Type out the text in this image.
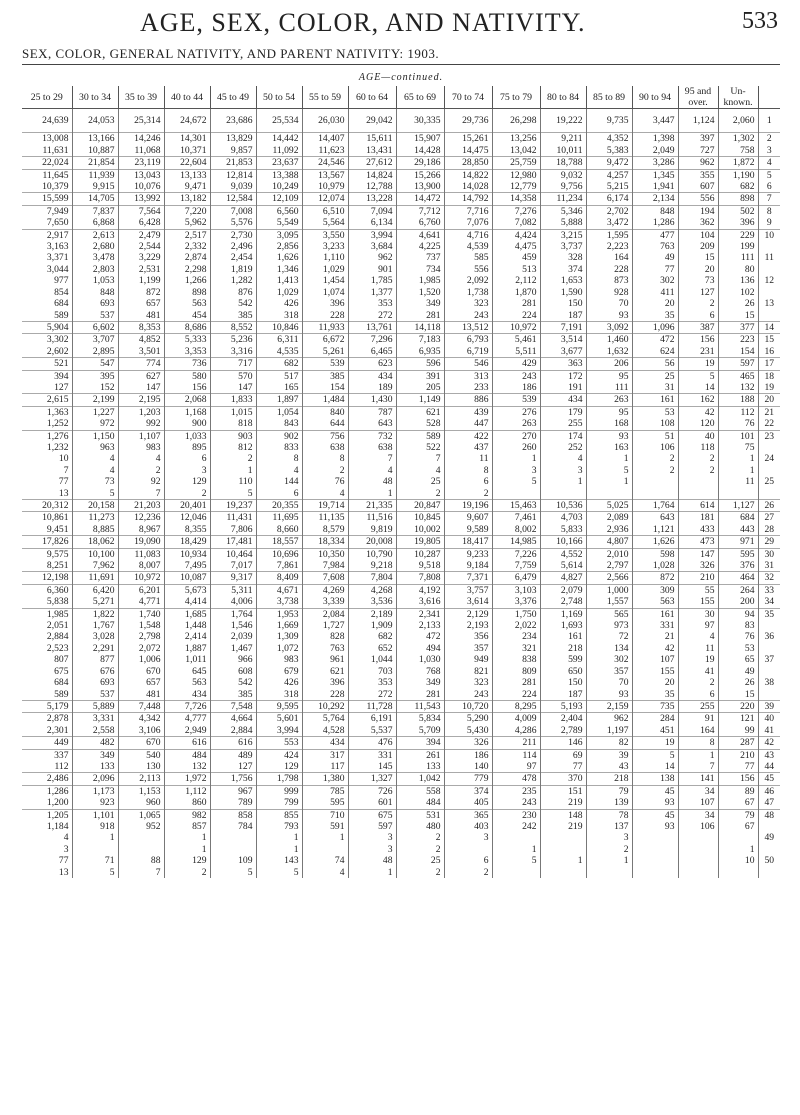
AGE, SEX, COLOR, AND NATIVITY.	533
SEX, COLOR, GENERAL NATIVITY, AND PARENT NATIVITY: 1903.
AGE—continued.
25 to 29	30 to 34	35 to 39	40 to 44	45 to 49	50 to 54	55 to 59	60 to 64	65 to 69	70 to 74	75 to 79	80 to 84	85 to 89	90 to 94	95 and over.	Un-known.	

24,639	24,053	25,314	24,672	23,686	25,534	26,030	29,042	30,335	29,736	26,298	19,222	9,735	3,447	1,124	2,060	1

13,008	13,166	14,246	14,301	13,829	14,442	14,407	15,611	15,907	15,261	13,256	9,211	4,352	1,398	397	1,302	2
11,631	10,887	11,068	10,371	9,857	11,092	11,623	13,431	14,428	14,475	13,042	10,011	5,383	2,049	727	758	3
22,024	21,854	23,119	22,604	21,853	23,637	24,546	27,612	29,186	28,850	25,759	18,788	9,472	3,286	962	1,872	4
11,645	11,939	13,043	13,133	12,814	13,388	13,567	14,824	15,266	14,822	12,980	9,032	4,257	1,345	355	1,190	5
10,379	9,915	10,076	9,471	9,039	10,249	10,979	12,788	13,900	14,028	12,779	9,756	5,215	1,941	607	682	6
15,599	14,705	13,992	13,182	12,584	12,109	12,074	13,228	14,472	14,792	14,358	11,234	6,174	2,134	556	898	7
7,949	7,837	7,564	7,220	7,008	6,560	6,510	7,094	7,712	7,716	7,276	5,346	2,702	848	194	502	8
7,650	6,868	6,428	5,962	5,576	5,549	5,564	6,134	6,760	7,076	7,082	5,888	3,472	1,286	362	396	9
2,917	2,613	2,479	2,517	2,730	3,095	3,550	3,994	4,641	4,716	4,424	3,215	1,595	477	104	229	10
3,163	2,680	2,544	2,332	2,496	2,856	3,233	3,684	4,225	4,539	4,475	3,737	2,223	763	209	199	
3,371	3,478	3,229	2,874	2,454	1,626	1,110	962	737	585	459	328	164	49	15	111	11
3,044	2,803	2,531	2,298	1,819	1,346	1,029	901	734	556	513	374	228	77	20	80	
977	1,053	1,199	1,266	1,282	1,413	1,454	1,785	1,985	2,092	2,112	1,653	873	302	73	136	12
854	848	872	898	876	1,029	1,074	1,377	1,520	1,738	1,870	1,590	928	411	127	102	
684	693	657	563	542	426	396	353	349	323	281	150	70	20	2	26	13
589	537	481	454	385	318	228	272	281	243	224	187	93	35	6	15	
5,904	6,602	8,353	8,686	8,552	10,846	11,933	13,761	14,118	13,512	10,972	7,191	3,092	1,096	387	377	14
3,302	3,707	4,852	5,333	5,236	6,311	6,672	7,296	7,183	6,793	5,461	3,514	1,460	472	156	223	15
2,602	2,895	3,501	3,353	3,316	4,535	5,261	6,465	6,935	6,719	5,511	3,677	1,632	624	231	154	16
521	547	774	736	717	682	539	623	596	546	429	363	206	56	19	597	17
394	395	627	580	570	517	385	434	391	313	243	172	95	25	5	465	18
127	152	147	156	147	165	154	189	205	233	186	191	111	31	14	132	19
2,615	2,199	2,195	2,068	1,833	1,897	1,484	1,430	1,149	886	539	434	263	161	162	188	20
1,363	1,227	1,203	1,168	1,015	1,054	840	787	621	439	276	179	95	53	42	112	21
1,252	972	992	900	818	843	644	643	528	447	263	255	168	108	120	76	22
1,276	1,150	1,107	1,033	903	902	756	732	589	422	270	174	93	51	40	101	23
1,232	963	983	895	812	833	638	638	522	437	260	252	163	106	118	75	
10	4	4	6	2	8	8	7	7	11	1	4	1	2	2	1	24
7	4	2	3	1	4	2	4	4	8	3	3	5	2	2	1	
77	73	92	129	110	144	76	48	25	6	5	1	1			11	25
13	5	7	2	5	6	4	1	2	2							
20,312	20,158	21,203	20,401	19,237	20,355	19,714	21,335	20,847	19,196	15,463	10,536	5,025	1,764	614	1,127	26
10,861	11,273	12,236	12,046	11,431	11,695	11,135	11,516	10,845	9,607	7,461	4,703	2,089	643	181	684	27
9,451	8,885	8,967	8,355	7,806	8,660	8,579	9,819	10,002	9,589	8,002	5,833	2,936	1,121	433	443	28
17,826	18,062	19,090	18,429	17,481	18,557	18,334	20,008	19,805	18,417	14,985	10,166	4,807	1,626	473	971	29
9,575	10,100	11,083	10,934	10,464	10,696	10,350	10,790	10,287	9,233	7,226	4,552	2,010	598	147	595	30
8,251	7,962	8,007	7,495	7,017	7,861	7,984	9,218	9,518	9,184	7,759	5,614	2,797	1,028	326	376	31
12,198	11,691	10,972	10,087	9,317	8,409	7,608	7,804	7,808	7,371	6,479	4,827	2,566	872	210	464	32
6,360	6,420	6,201	5,673	5,311	4,671	4,269	4,268	4,192	3,757	3,103	2,079	1,000	309	55	264	33
5,838	5,271	4,771	4,414	4,006	3,738	3,339	3,536	3,616	3,614	3,376	2,748	1,557	563	155	200	34
1,985	1,822	1,740	1,685	1,764	1,953	2,084	2,189	2,341	2,129	1,750	1,169	565	161	30	94	35
2,051	1,767	1,548	1,448	1,546	1,669	1,727	1,909	2,133	2,193	2,022	1,693	973	331	97	83	
2,884	3,028	2,798	2,414	2,039	1,309	828	682	472	356	234	161	72	21	4	76	36
2,523	2,291	2,072	1,887	1,467	1,072	763	652	494	357	321	218	134	42	11	53	
807	877	1,006	1,011	966	983	961	1,044	1,030	949	838	599	302	107	19	65	37
675	676	670	645	608	679	621	703	768	821	809	650	357	155	41	49	
684	693	657	563	542	426	396	353	349	323	281	150	70	20	2	26	38
589	537	481	434	385	318	228	272	281	243	224	187	93	35	6	15	
5,179	5,889	7,448	7,726	7,548	9,595	10,292	11,728	11,543	10,720	8,295	5,193	2,159	735	255	220	39
2,878	3,331	4,342	4,777	4,664	5,601	5,764	6,191	5,834	5,290	4,009	2,404	962	284	91	121	40
2,301	2,558	3,106	2,949	2,884	3,994	4,528	5,537	5,709	5,430	4,286	2,789	1,197	451	164	99	41
449	482	670	616	616	553	434	476	394	326	211	146	82	19	8	287	42
337	349	540	484	489	424	317	331	261	186	114	69	39	5	1	210	43
112	133	130	132	127	129	117	145	133	140	97	77	43	14	7	77	44
2,486	2,096	2,113	1,972	1,756	1,798	1,380	1,327	1,042	779	478	370	218	138	141	156	45
1,286	1,173	1,153	1,112	967	999	785	726	558	374	235	151	79	45	34	89	46
1,200	923	960	860	789	799	595	601	484	405	243	219	139	93	107	67	47
1,205	1,101	1,065	982	858	855	710	675	531	365	230	148	78	45	34	79	48
1,184	918	952	857	784	793	591	597	480	403	242	219	137	93	106	67	
4	1		1		1	1	3	2	3			3				49
3			1		1		3	2		1		2			1	
77	71	88	129	109	143	74	48	25	6	5	1	1			10	50
13	5	7	2	5	5	4	1	2	2							
